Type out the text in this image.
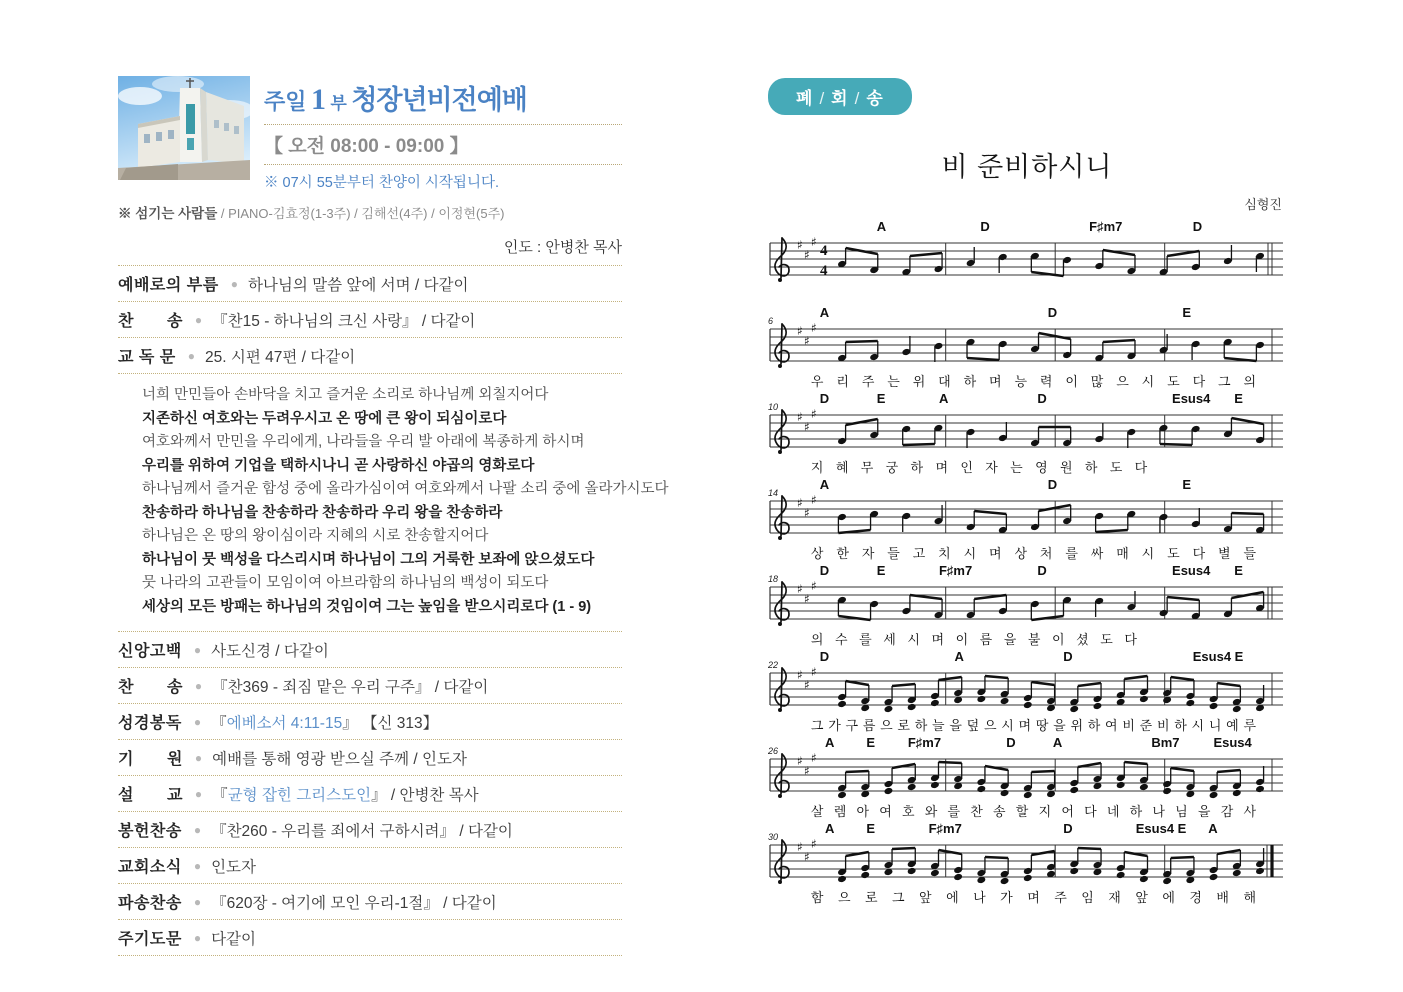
주일 1 부 청장년비전예배
【 오전 08:00 - 09:00 】
※ 07시 55분부터 찬양이 시작됩니다.
※ 섬기는 사람들 / PIANO-김효정(1-3주) / 김해선(4주) / 이정현(5주)
인도 : 안병찬 목사
예배로의 부름 ● 하나님의 말씀 앞에 서며 / 다같이
찬  송 ● 『찬15 - 하나님의 크신 사랑』 / 다같이
교 독 문 ● 25. 시편 47편 / 다같이
너희 만민들아 손바닥을 치고 즐거운 소리로 하나님께 외칠지어다
지존하신 여호와는 두려우시고 온 땅에 큰 왕이 되심이로다
여호와께서 만민을 우리에게, 나라들을 우리 발 아래에 복종하게 하시며
우리를 위하여 기업을 택하시나니 곧 사랑하신 야곱의 영화로다
하나님께서 즐거운 함성 중에 올라가심이여 여호와께서 나팔 소리 중에 올라가시도다
찬송하라 하나님을 찬송하라 찬송하라 우리 왕을 찬송하라
하나님은 온 땅의 왕이심이라 지혜의 시로 찬송할지어다
하나님이 뭇 백성을 다스리시며 하나님이 그의 거룩한 보좌에 앉으셨도다
뭇 나라의 고관들이 모임이여 아브라함의 하나님의 백성이 되도다
세상의 모든 방패는 하나님의 것임이여 그는 높임을 받으시리로다 (1 - 9)
신앙고백 ● 사도신경 / 다같이
찬  송 ● 『찬369 - 죄짐 맡은 우리 구주』 / 다같이
성경봉독 ● 『에베소서 4:11-15』 【신 313】
기  원 ● 예배를 통해 영광 받으실 주께 / 인도자
설  교 ● 『균형 잡힌 그리스도인』 / 안병찬 목사
봉헌찬송 ● 『찬260 - 우리를 죄에서 구하시려』 / 다같이
교회소식 ● 인도자
파송찬송 ● 『620장 - 여기에 모인 우리-1절』 / 다같이
주기도문 ● 다같이
폐 / 회 / 송
비 준비하시니
심형진
A	D	F♯m7	D
♯
♯
♯
4
4
A	D	E
6
♯
♯
♯
우 리 주 는 위 대 하 며 능 력 이 많 으 시 도 다 그 의
D	E	A	D	Esus4 E
10
♯
♯
♯
지 혜 무 궁 하 며 인 자 는 영 원 하 도 다
A	D	E
14
♯
♯
♯
상 한 자 들 고 치 시 며 상 처 를 싸 매 시 도 다 별 들
D	E	F♯m7	D	Esus4 E
18
♯
♯
♯
의 수 를 세 시 며 이 름 을 불 이 셨 도 다
D	A	D	Esus4 E
22
♯
♯
♯
그 가 구 름 으 로 하 늘 을 덮 으 시 며 땅 을 위 하 여 비 준 비 하 시 니 예 루
A E	F♯m7	D	A	Bm7	Esus4
26
♯
♯
♯
살 렘 아 여 호 와 를 찬 송 할 지 어 다 네 하 나 님 을 감 사
A E	F♯m7	D	Esus4 E A
30
♯
♯
♯
함 으 로 그 앞 에 나 가 며 주 임 재 앞 에 경 배 해
